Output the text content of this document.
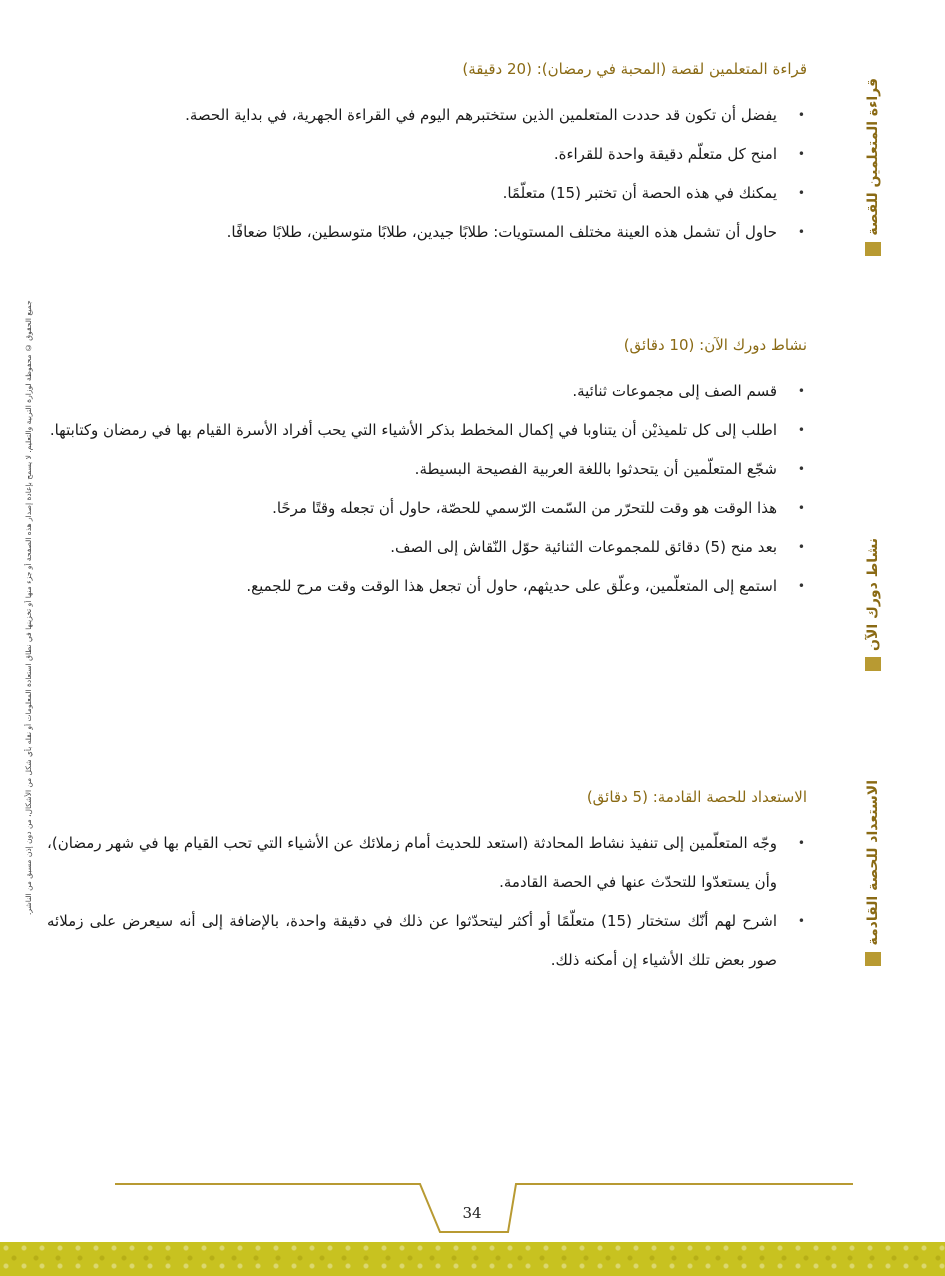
جميع الحقوق © محفوظة لوزارة التربية والتعليم. لا يسمح بإعادة إصدار هذه الصفحة أو جزء منها أو تخزينها في نطاق استعادة المعلومات أو نقله بأي شكل من الأشكال، من دون إذن مسبق من الناشر.
قراءة المتعلمين للقصة
قراءة المتعلمين لقصة (المحبة في رمضان): (20 دقيقة)
•
يفضل أن تكون قد حددت المتعلمين الذين ستختبرهم اليوم في القراءة الجهرية، في بداية الحصة.
•
امنح كل متعلّم دقيقة واحدة للقراءة.
•
يمكنك في هذه الحصة أن تختبر (15) متعلّمًا.
•
حاول أن تشمل هذه العينة مختلف المستويات: طلابًا جيدين، طلابًا متوسطين، طلابًا ضعافًا.
نشاط دورك الآن
نشاط دورك الآن: (10 دقائق)
•
قسم الصف إلى مجموعات ثنائية.
•
اطلب إلى كل تلميذيْن أن يتناوبا في إكمال المخطط بذكر الأشياء التي يحب أفراد الأسرة القيام بها في رمضان وكتابتها.
•
شجّع المتعلّمين أن يتحدثوا باللغة العربية الفصيحة البسيطة.
•
هذا الوقت هو وقت للتحرّر من السّمت الرّسمي للحصّة، حاول أن تجعله وقتًا مرحًا.
•
بعد منح (5) دقائق للمجموعات الثنائية حوّل النّقاش إلى الصف.
•
استمع إلى المتعلّمين، وعلّق على حديثهم، حاول أن تجعل هذا الوقت وقت مرح للجميع.
الاستعداد للحصة القادمة
الاستعداد للحصة القادمة: (5 دقائق)
•
وجّه المتعلّمين إلى تنفيذ نشاط المحادثة (استعد للحديث أمام زملائك عن الأشياء التي تحب القيام بها في شهر رمضان)، وأن يستعدّوا للتحدّث عنها في الحصة القادمة.
•
اشرح لهم أنّك ستختار (15) متعلّمًا أو أكثر ليتحدّثوا عن ذلك في دقيقة واحدة، بالإضافة إلى أنه سيعرض على زملائه صور بعض تلك الأشياء إن أمكنه ذلك.
34
